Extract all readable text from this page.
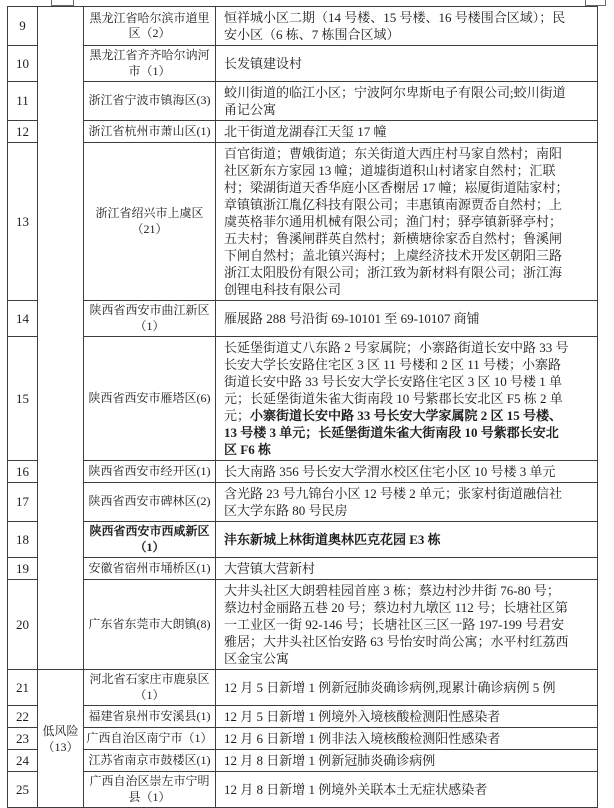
9		黑龙江省哈尔滨市道里区（2）	恒祥城小区二期（14 号楼、15 号楼、16 号楼围合区域）；民安小区（6 栋、7 栋围合区域）
10		黑龙江省齐齐哈尔讷河市（1）	长发镇建设村
11		浙江省宁波市镇海区(3)	蛟川街道的临江小区；宁波阿尔卑斯电子有限公司;蛟川街道甬记公寓
12		浙江省杭州市萧山区(1)	北干街道龙湖春江天玺 17 幢
13		浙江省绍兴市上虞区（21）	百官街道；曹娥街道；东关街道大西庄村马家自然村；南阳社区新东方家园 13 幢；道墟街道积山村诸家自然村；汇联村；梁湖街道天香华庭小区香榭居 17 幢；崧厦街道陆家村；章镇镇浙江胤亿科技有限公司；丰惠镇南源贾岙自然村；上虞英格菲尔通用机械有限公司；渔门村；驿亭镇新驿亭村；五夫村；鲁溪闸群英自然村；新横塘徐家岙自然村；鲁溪闸下闸自然村；盖北镇兴海村；上虞经济技术开发区朝阳三路浙江太阳股份有限公司；浙江致为新材料有限公司；浙江海创锂电科技有限公司
14		陕西省西安市曲江新区（1）	雁展路 288 号沿街 69-10101 至 69-10107 商铺
15		陕西省西安市雁塔区(6)	长延堡街道丈八东路 2 号家属院；小寨路街道长安中路 33 号长安大学长安路住宅区 3 区 11 号楼和 2 区 11 号楼；小寨路街道长安中路 33 号长安大学长安路住宅区 3 区 10 号楼 1 单元；长延堡街道朱雀大街南段 10 号紫郡长安北区 F5 栋 2 单元；小寨街道长安中路 33 号长安大学家属院 2 区 15 号楼、13 号楼 3 单元；长延堡街道朱雀大街南段 10 号紫郡长安北区 F6 栋
16		陕西省西安市经开区(1)	长大南路 356 号长安大学渭水校区住宅小区 10 号楼 3 单元
17		陕西省西安市碑林区(2)	含光路 23 号九锦台小区 12 号楼 2 单元；张家村街道融信社区大学东路 80 号民房
18		陕西省西安市西咸新区（1）	沣东新城上林街道奥林匹克花园 E3 栋
19		安徽省宿州市埇桥区(1)	大营镇大营新村
20		广东省东莞市大朗镇(8)	大井头社区大朗碧桂园首座 3 栋；蔡边村沙井街 76-80 号；蔡边村金丽路五巷 20 号；蔡边村九墩区 112 号；长塘社区第一工业区一街 92-146 号；长塘社区三区一路 197-199 号君安雅居；大井头社区怡安路 63 号怡安时尚公寓；水平村红荔西区金宝公寓
21	低风险（13）	河北省石家庄市鹿泉区（1）	12 月 5 日新增 1 例新冠肺炎确诊病例,现累计确诊病例 5 例
22		福建省泉州市安溪县(1)	12 月 5 日新增 1 例境外入境核酸检测阳性感染者
23		广西自治区南宁市（1）	12 月 6 日新增 1 例非法入境核酸检测阳性感染者
24		江苏省南京市鼓楼区(1)	12 月 8 日新增 1 例新冠肺炎确诊病例
25		广西自治区崇左市宁明县（1）	12 月 8 日新增 1 例境外关联本土无症状感染者
